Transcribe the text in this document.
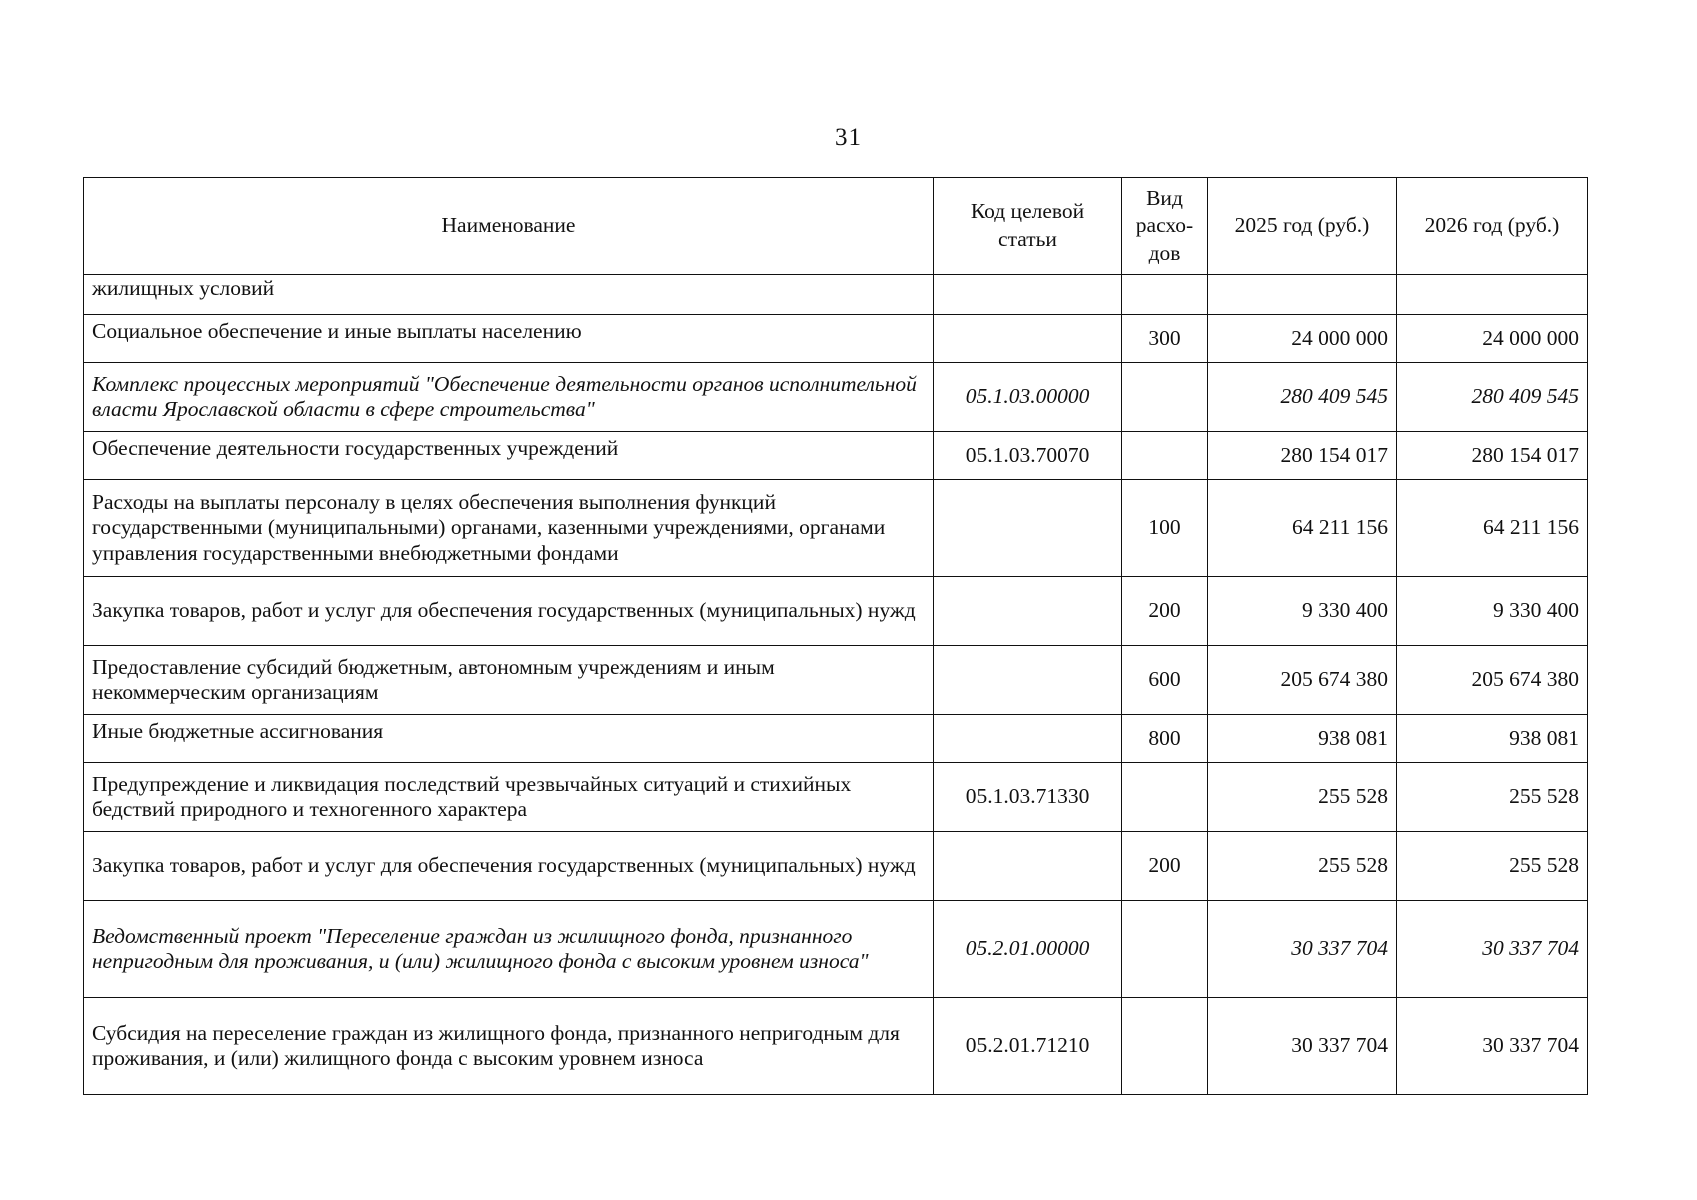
31
Наименование	Код целевой статьи	Вид расхо-дов	2025 год (руб.)	2026 год (руб.)
жилищных условий				
Социальное обеспечение и иные выплаты населению		300	24 000 000	24 000 000
Комплекс процессных мероприятий "Обеспечение деятельности органов исполнительной власти Ярославской области в сфере строительства"	05.1.03.00000		280 409 545	280 409 545
Обеспечение деятельности государственных учреждений	05.1.03.70070		280 154 017	280 154 017
Расходы на выплаты персоналу в целях обеспечения выполнения функций государственными (муниципальными) органами, казенными учреждениями, органами управления государственными внебюджетными фондами		100	64 211 156	64 211 156
Закупка товаров, работ и услуг для обеспечения государственных (муниципальных) нужд		200	9 330 400	9 330 400
Предоставление субсидий бюджетным, автономным учреждениям и иным некоммерческим организациям		600	205 674 380	205 674 380
Иные бюджетные ассигнования		800	938 081	938 081
Предупреждение и ликвидация последствий чрезвычайных ситуаций и стихийных бедствий природного и техногенного характера	05.1.03.71330		255 528	255 528
Закупка товаров, работ и услуг для обеспечения государственных (муниципальных) нужд		200	255 528	255 528
Ведомственный проект "Переселение граждан из жилищного фонда, признанного непригодным для проживания, и (или) жилищного фонда с высоким уровнем износа"	05.2.01.00000		30 337 704	30 337 704
Субсидия на переселение граждан из жилищного фонда, признанного непригодным для проживания, и (или) жилищного фонда с высоким уровнем износа	05.2.01.71210		30 337 704	30 337 704
